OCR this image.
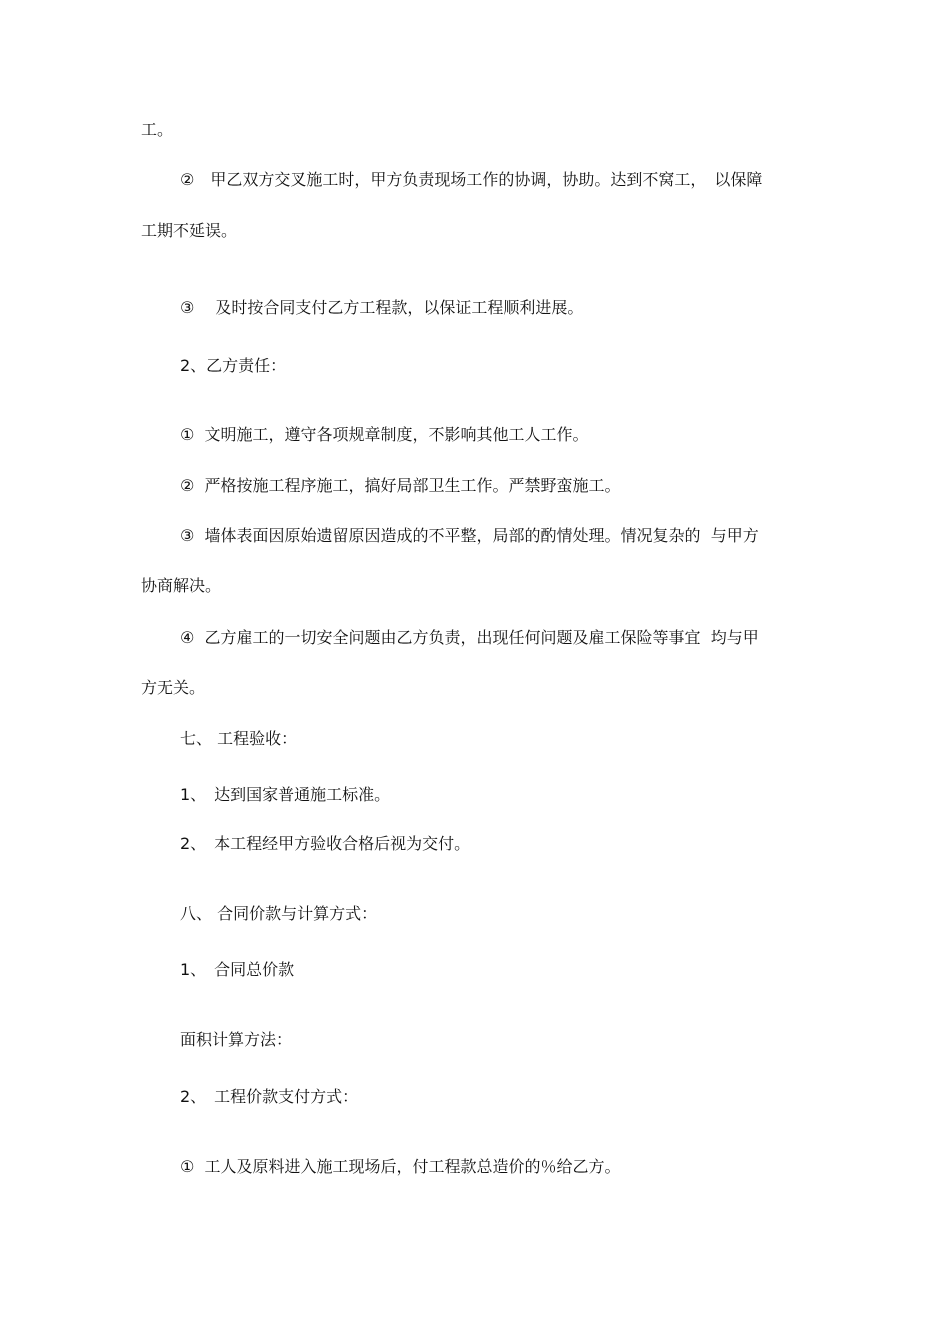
工。
②　甲乙双方交叉施工时，甲方负责现场工作的协调，协助。达到不窝工，　以保障
工期不延误。
③　 及时按合同支付乙方工程款，以保证工程顺利进展。
2、乙方责任：
①  文明施工，遵守各项规章制度，不影响其他工人工作。
②  严格按施工程序施工，搞好局部卫生工作。严禁野蛮施工。
③  墙体表面因原始遗留原因造成的不平整，局部的酌情处理。情况复杂的  与甲方
协商解决。
④  乙方雇工的一切安全问题由乙方负责，出现任何问题及雇工保险等事宜  均与甲
方无关。
七、 工程验收：
1、　达到国家普通施工标准。
2、　本工程经甲方验收合格后视为交付。
八、 合同价款与计算方式：
1、　合同总价款
面积计算方法：
2、　工程价款支付方式：
①  工人及原料进入施工现场后，付工程款总造价的％给乙方。
